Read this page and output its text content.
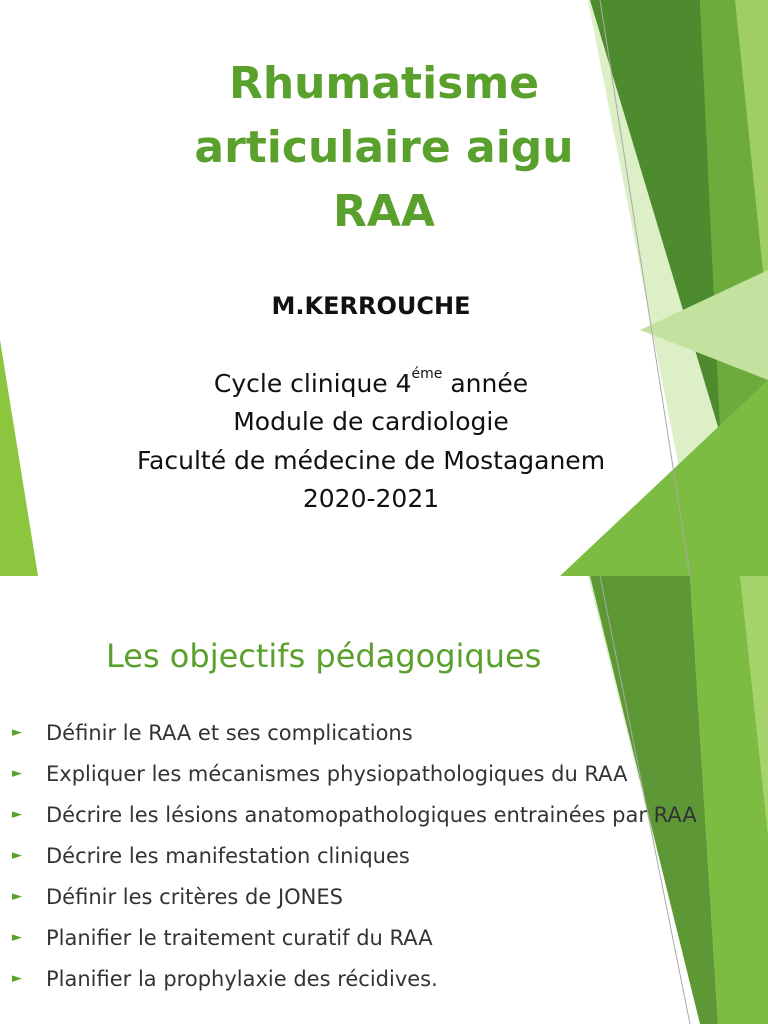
Rhumatisme
articulaire aigu
RAA
M.KERROUCHE
Cycle clinique $4^{éme}$ année
Module de cardiologie
Faculté de médecine de Mostaganem
2020-2021
Les objectifs pédagogiques
► Définir le RAA et ses complications
► Expliquer les mécanismes physiopathologiques du RAA
► Décrire les lésions anatomopathologiques entrainées par RAA
► Décrire les manifestation cliniques
► Définir les critères de JONES
► Planifier le traitement curatif du RAA
► Planifier la prophylaxie des récidives.
